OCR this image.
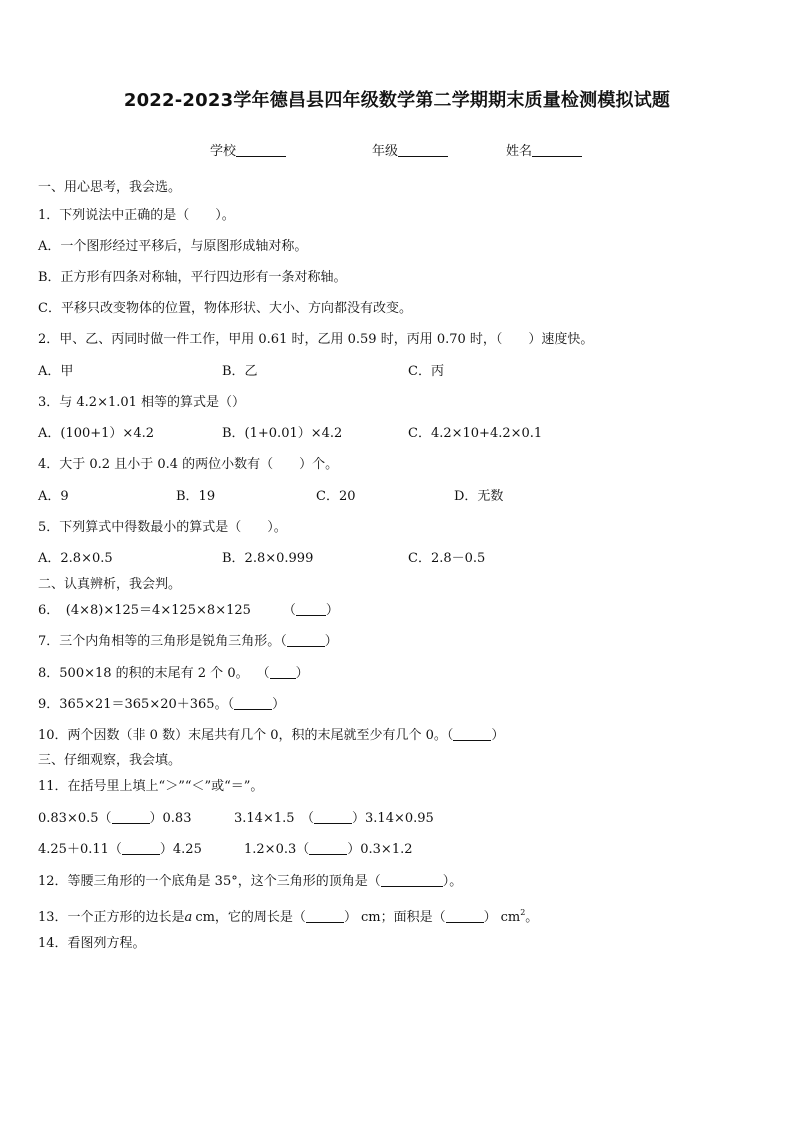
2022-2023学年德昌县四年级数学第二学期期末质量检测模拟试题
学校	年级	姓名
一、用心思考，我会选。
1．下列说法中正确的是（　　）。
A．一个图形经过平移后，与原图形成轴对称。
B．正方形有四条对称轴，平行四边形有一条对称轴。
C．平移只改变物体的位置，物体形状、大小、方向都没有改变。
2．甲、乙、丙同时做一件工作，甲用 0.61 时，乙用 0.59 时，丙用 0.70 时，（　　）速度快。
A．甲	B．乙	C．丙
3．与 4.2×1.01 相等的算式是（）
A．(100+1）×4.2	B．(1+0.01）×4.2	C．4.2×10+4.2×0.1
4．大于 0.2 且小于 0.4 的两位小数有（　　）个。
A．9	B．19	C．20	D．无数
5．下列算式中得数最小的算式是（　　）。
A．2.8×0.5	B．2.8×0.999	C．2.8－0.5
二、认真辨析，我会判。
6．　(4×8)×125＝4×125×8×125 （ ）
7．三个内角相等的三角形是锐角三角形。（	）
8．500×18 的积的末尾有 2 个 0。 （ ）
9．365×21＝365×20＋365。（	）
10．两个因数（非 0 数）末尾共有几个 0，积的末尾就至少有几个 0。（	）
三、仔细观察，我会填。
11．在括号里上填上“＞”“＜”或“＝”。
0.83×0.5（	）0.83	3.14×1.5　（	）3.14×0.95
4.25＋0.11（	）4.25	1.2×0.3（	）0.3×1.2
12．等腰三角形的一个底角是 35°，这个三角形的顶角是（	）。
13．一个正方形的边长是a cm，它的周长是（	） cm；面积是（	） $cm^2$。
14．看图列方程。
